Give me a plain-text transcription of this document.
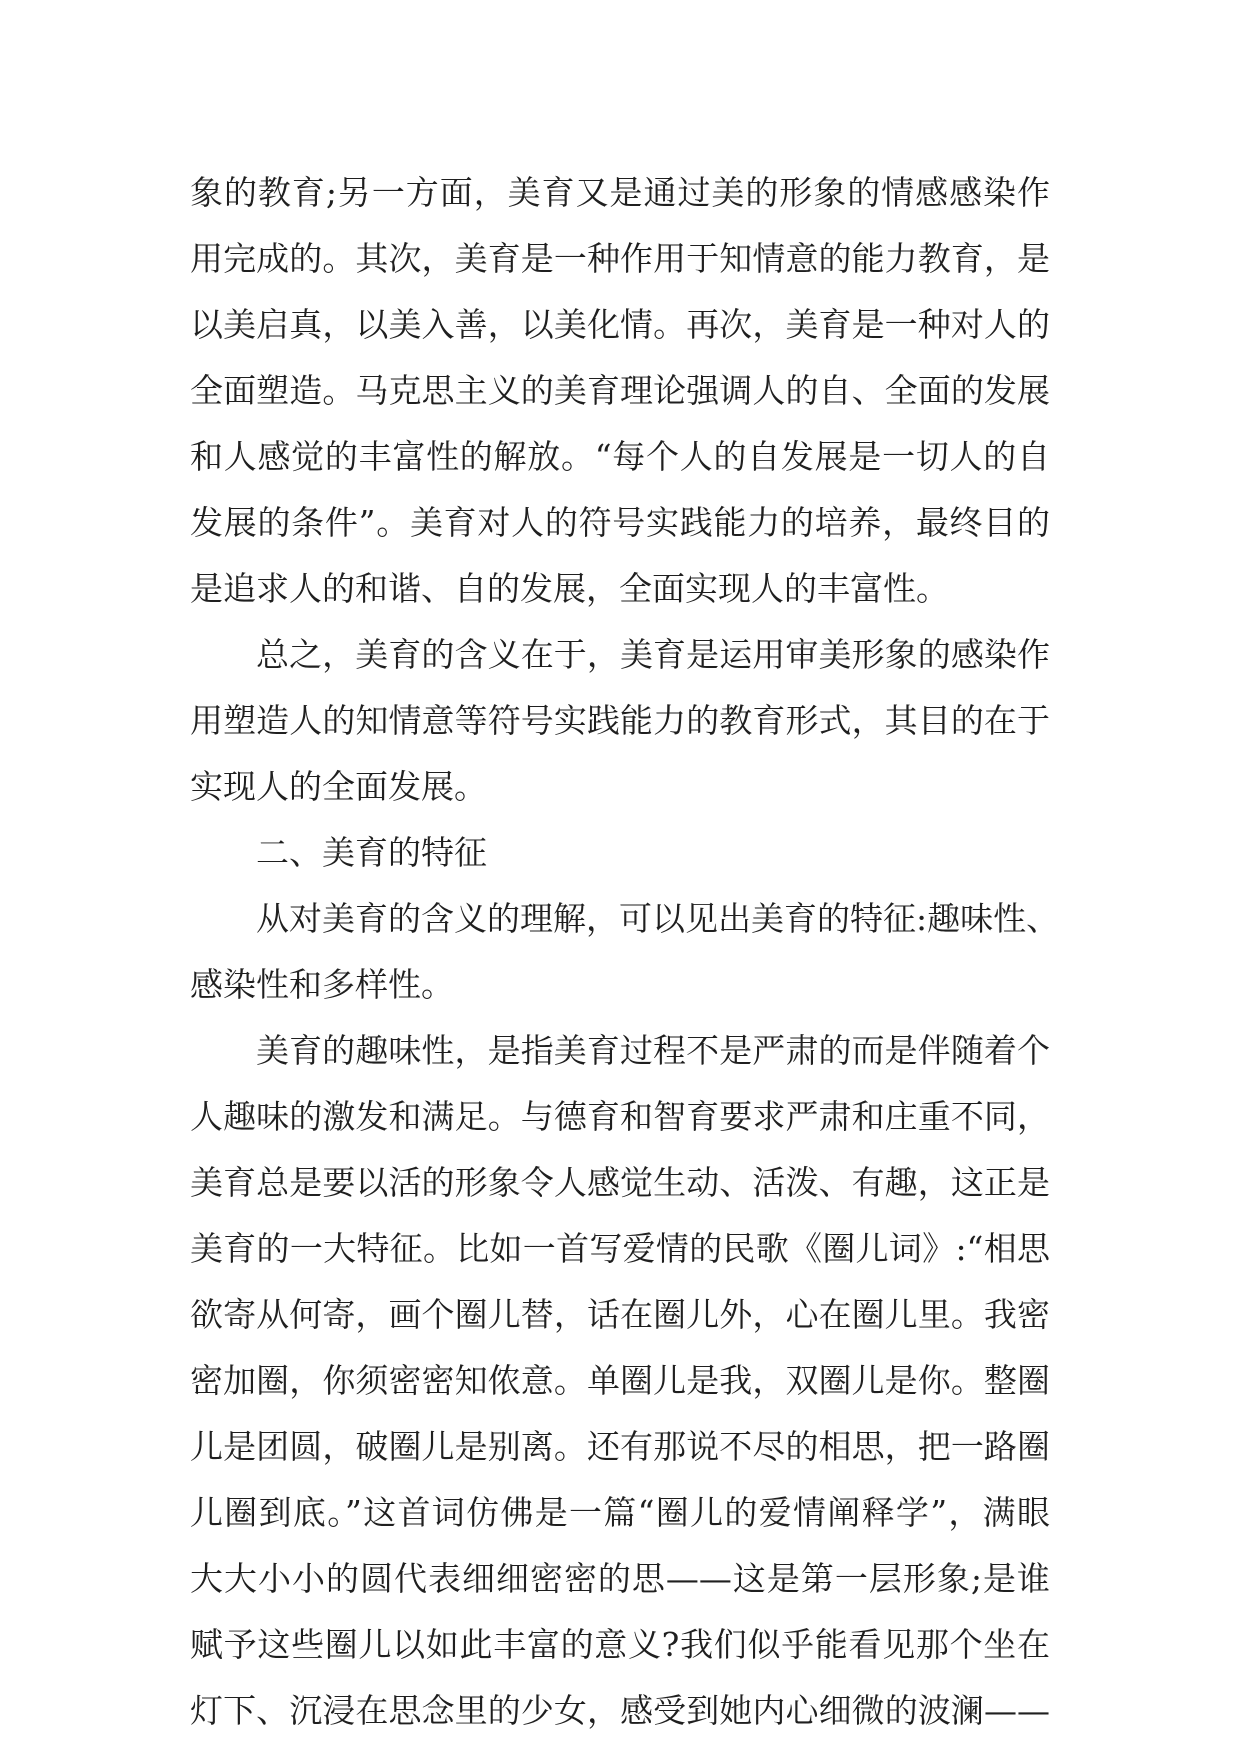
象的教育;另一方面，美育又是通过美的形象的情感感染作
用完成的。其次，美育是一种作用于知情意的能力教育，是
以美启真，以美入善，以美化情。再次，美育是一种对人的
全面塑造。马克思主义的美育理论强调人的自、全面的发展
和人感觉的丰富性的解放。“每个人的自发展是一切人的自
发展的条件”。美育对人的符号实践能力的培养，最终目的
是追求人的和谐、自的发展，全面实现人的丰富性。
总之，美育的含义在于，美育是运用审美形象的感染作
用塑造人的知情意等符号实践能力的教育形式，其目的在于
实现人的全面发展。
二、美育的特征
从对美育的含义的理解，可以见出美育的特征:趣味性、
感染性和多样性。
美育的趣味性，是指美育过程不是严肃的而是伴随着个
人趣味的激发和满足。与德育和智育要求严肃和庄重不同，
美育总是要以活的形象令人感觉生动、活泼、有趣，这正是
美育的一大特征。比如一首写爱情的民歌《圈儿词》:“相思
欲寄从何寄，画个圈儿替，话在圈儿外，心在圈儿里。我密
密加圈，你须密密知侬意。单圈儿是我，双圈儿是你。整圈
儿是团圆，破圈儿是别离。还有那说不尽的相思，把一路圈
儿圈到底。”这首词仿佛是一篇“圈儿的爱情阐释学”，满眼
大大小小的圆代表细细密密的思——这是第一层形象;是谁
赋予这些圈儿以如此丰富的意义?我们似乎能看见那个坐在
灯下、沉浸在思念里的少女，感受到她内心细微的波澜——
